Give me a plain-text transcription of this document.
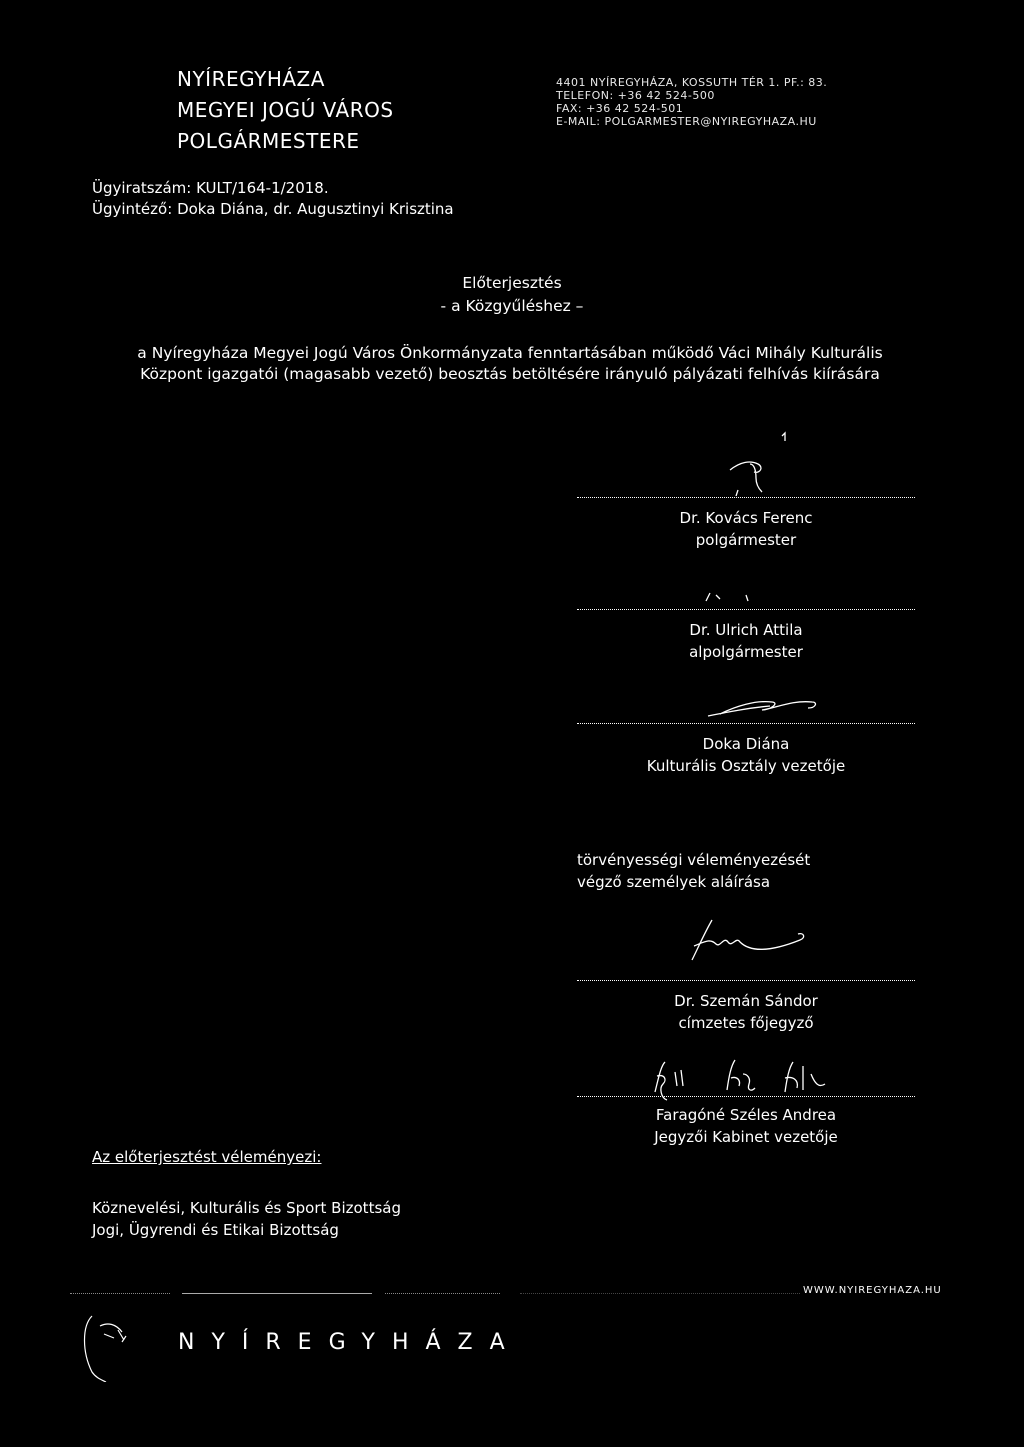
NYÍREGYHÁZA
MEGYEI JOGÚ VÁROS
POLGÁRMESTERE
4401 NYÍREGYHÁZA, KOSSUTH TÉR 1. PF.: 83.
TELEFON: +36 42 524-500
FAX: +36 42 524-501
E-MAIL: POLGARMESTER@NYIREGYHAZA.HU
Ügyiratszám: KULT/164-1/2018.
Ügyintéző: Doka Diána, dr. Augusztinyi Krisztina
Előterjesztés
- a Közgyűléshez –
a Nyíregyháza Megyei Jogú Város Önkormányzata fenntartásában működő Váci Mihály Kulturális
Központ igazgatói (magasabb vezető) beosztás betöltésére irányuló pályázati felhívás kiírására
Dr. Kovács Ferenc
polgármester
Dr. Ulrich Attila
alpolgármester
Doka Diána
Kulturális Osztály vezetője
törvényességi véleményezését
végző személyek aláírása
Dr. Szemán Sándor
címzetes főjegyző
Faragóné Széles Andrea
Jegyzői Kabinet vezetője
Az előterjesztést véleményezi:
Köznevelési, Kulturális és Sport Bizottság
Jogi, Ügyrendi és Etikai Bizottság
WWW.NYIREGYHAZA.HU
NYÍREGYHÁZA
